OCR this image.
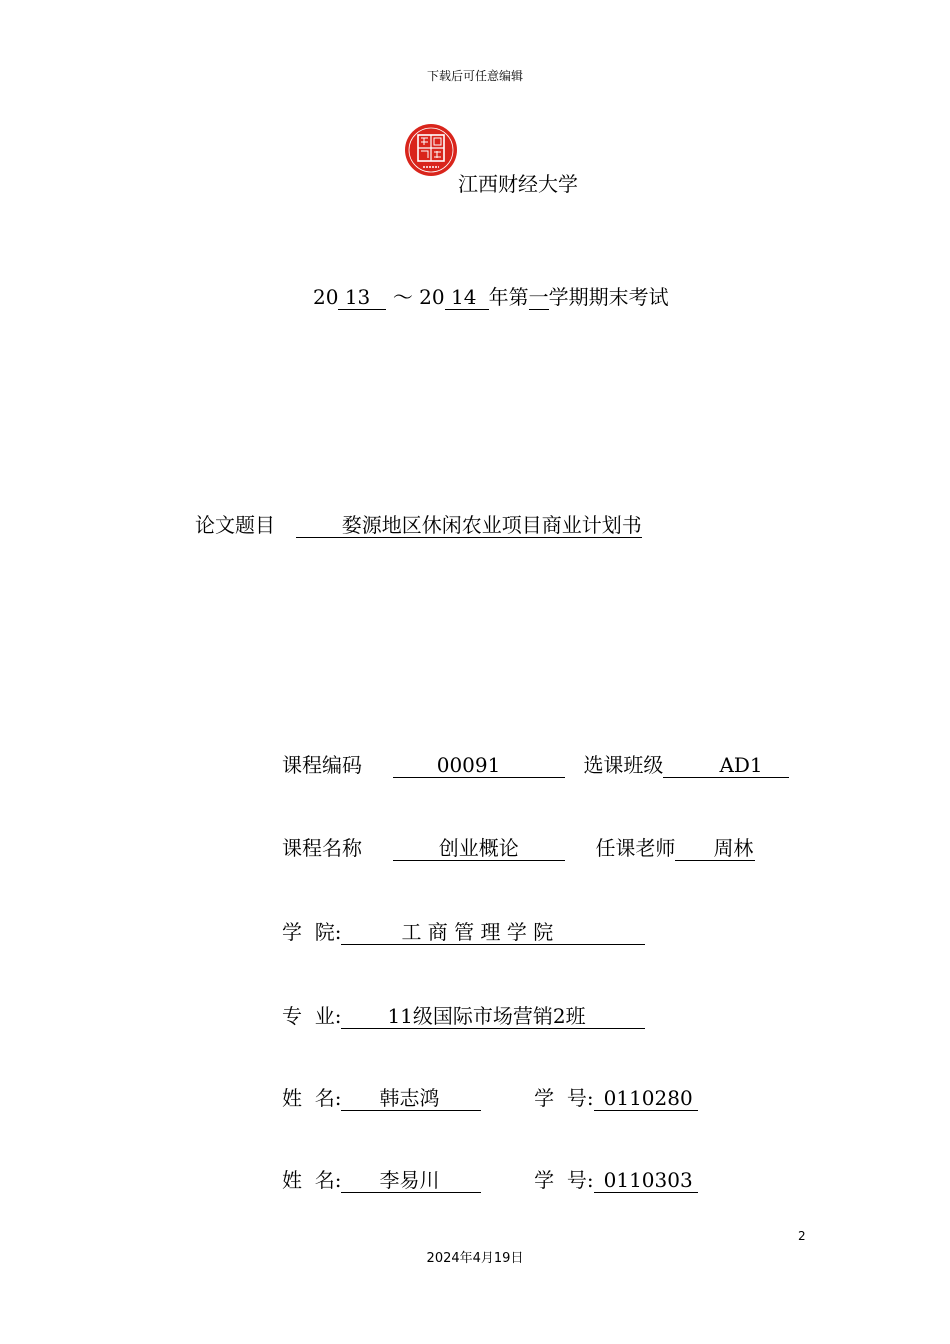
下载后可任意编辑
江西财经大学
20 13 ～ 20 14 年第一学期期末考试
论文题目	婺源地区休闲农业项目商业计划书
课程编码	00091	选课班级	AD1
课程名称	创业概论	任课老师 周林
学  院:	工 商 管 理 学 院
专  业: 11级国际市场营销2班
姓  名: 韩志鸿	学  号: 0110280
姓  名: 李易川	学  号: 0110303
2
2024年4月19日
